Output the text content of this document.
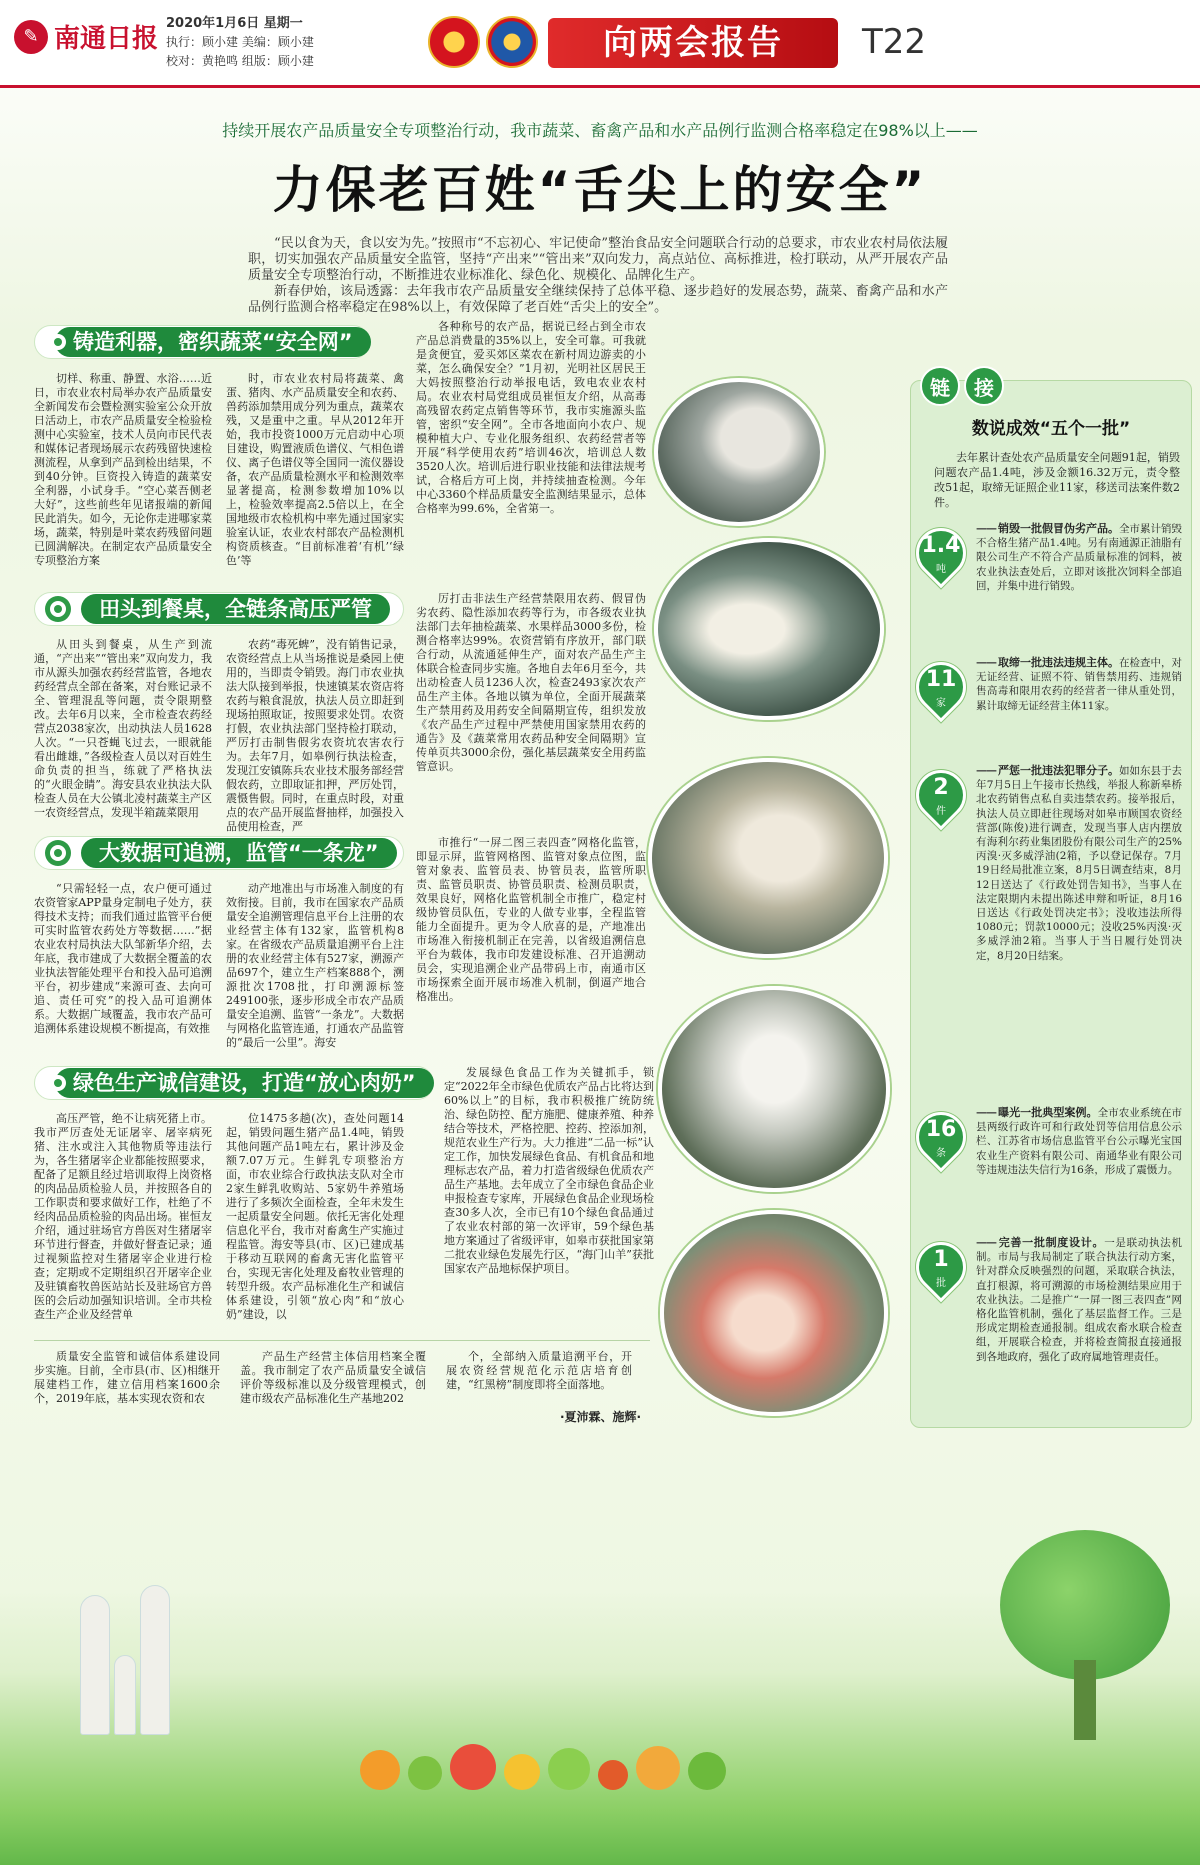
✎ 南通日报
2020年1月6日 星期一
执行：顾小建 美编：顾小建
校对：黄艳鸣 组版：顾小建	向两会报告	T22
持续开展农产品质量安全专项整治行动，我市蔬菜、畜禽产品和水产品例行监测合格率稳定在98%以上——
力保老百姓“舌尖上的安全”

“民以食为天，食以安为先。”按照市“不忘初心、牢记使命”整治食品安全问题联合行动的总要求，市农业农村局依法履职，切实加强农产品质量安全监管，坚持“产出来”“管出来”双向发力，高点站位、高标推进，检打联动，从严开展农产品质量安全专项整治行动，不断推进农业标准化、绿色化、规模化、品牌化生产。

新春伊始，该局透露：去年我市农产品质量安全继续保持了总体平稳、逐步趋好的发展态势，蔬菜、畜禽产品和水产品例行监测合格率稳定在98%以上，有效保障了老百姓“舌尖上的安全”。

铸造利器，密织蔬菜“安全网”

切样、称重、静置、水浴……近日，市农业农村局举办农产品质量安全新闻发布会暨检测实验室公众开放日活动上，市农产品质量安全检验检测中心实验室，技术人员向市民代表和媒体记者现场展示农药残留快速检测流程，从拿到产品到检出结果，不到40分钟。巨资投入铸造的蔬菜安全利器，小试身手。“空心菜吾侧老大好”，这些前些年见诸报端的新闻民此消失。如今，无论你走进哪家菜场，蔬菜，特别是叶菜农药残留问题已圆满解决。在制定农产品质量安全专项整治方案

时，市农业农村局将蔬菜、禽蛋、猪肉、水产品质量安全和农药、兽药添加禁用成分列为重点，蔬菜农残，又是重中之重。早从2012年开始，我市投资1000万元启动中心项目建设，购置液质色谱仪、气相色谱仪、离子色谱仪等全国同一流仪器设备，农产品质量检测水平和检测效率显著提高，检测参数增加10%以上，检验效率提高2.5倍以上，在全国地级市农检机构中率先通过国家实验室认证，农业农村部农产品检测机构资质核查。“目前标准着‘有机’‘绿色’等

各种称号的农产品，据说已经占到全市农产品总消费量的35%以上，安全可靠。可我就是贪便宜，爱买郊区菜农在新村周边游卖的小菜，怎么确保安全？”1月初，光明社区居民王大妈按照整治行动举报电话，致电农业农村局。农业农村局党组成员崔恒友介绍，从高毒高残留农药定点销售等环节，我市实施源头监管，密织“安全网”。全市各地面向小农户、规模种植大户、专业化服务组织、农药经营者等开展“科学使用农药”培训46次，培训总人数3520人次。培训后进行职业技能和法律法规考试，合格后方可上岗，并持续抽查检测。今年中心3360个样品质量安全监测结果显示，总体合格率为99.6%，全省第一。

田头到餐桌，全链条高压严管

从田头到餐桌，从生产到流通，“产出来”“管出来”双向发力，我市从源头加强农药经营监管，各地农药经营点全部在备案，对台账记录不全、管理混乱等问题，责令限期整改。去年6月以来，全市检查农药经营点2038家次，出动执法人员1628人次。“一只苍蝇飞过去，一眼就能看出雌雄，”各级检查人员以对百姓生命负责的担当，练就了严格执法的“火眼金睛”。海安县农业执法大队检查人员在大公镇北凌村蔬菜主产区一农资经营点，发现半箱蔬菜限用

农药“毒死蜱”，没有销售记录，农资经营点上从当场推说是桑园上使用的，当即责令销毁。海门市农业执法大队接到举报，快速镇某农资店将农药与粮食混放，执法人员立即赶到现场拍照取证，按照要求处罚。农资打假，农业执法部门坚持检打联动，严厉打击制售假劣农资坑农害农行为。去年7月，如皋例行执法检查，发现江安镇陈兵农业技术服务部经营假农药，立即取证扣押，严厉处罚，震慑售假。同时，在重点时段，对重点的农产品开展监督抽样，加强投入品使用检查，严

厉打击非法生产经营禁限用农药、假冒伪劣农药、隐性添加农药等行为，市各级农业执法部门去年抽检蔬菜、水果样品3000多份，检测合格率达99%。农资营销有序放开，部门联合行动，从流通延伸生产，面对农产品生产主体联合检查同步实施。各地自去年6月至今，共出动检查人员1236人次，检查2493家次农产品生产主体。各地以镇为单位，全面开展蔬菜生产禁用药及用药安全间隔期宣传，组织发放《农产品生产过程中严禁使用国家禁用农药的通告》及《蔬菜常用农药品种安全间隔期》宣传单页共3000余份，强化基层蔬菜安全用药监管意识。

大数据可追溯，监管“一条龙”

“只需轻轻一点，农户便可通过农资管家APP量身定制电子处方，获得技术支持；而我们通过监管平台便可实时监管农药处方等数据……”据农业农村局执法大队邹新华介绍，去年底，我市建成了大数据全覆盖的农业执法智能处理平台和投入品可追溯平台，初步建成“来源可查、去向可追、责任可究”的投入品可追溯体系。大数据广域覆盖，我市农产品可追溯体系建设规模不断提高，有效推

动产地准出与市场准入制度的有效衔接。目前，我市在国家农产品质量安全追溯管理信息平台上注册的农业经营主体有132家，监管机构8家。在省级农产品质量追溯平台上注册的农业经营主体有527家，溯源产品697个，建立生产档案888个，溯源批次1708批，打印溯源标签249100张，逐步形成全市农产品质量安全追溯、监管“一条龙”。大数据与网格化监管连通，打通农产品监管的“最后一公里”。海安

市推行“一屏二图三表四查”网格化监管，即显示屏，监管网格图、监管对象点位图，监管对象表、监管员表、协管员表，监管所职责、监管员职责、协管员职责、检测员职责，效果良好，网格化监管机制全市推广，稳定村级协管员队伍，专业的人做专业事，全程监管能力全面提升。更为令人欣喜的是，产地准出市场准入衔接机制正在完善，以省级追溯信息平台为载体，我市印发建设标准、召开追溯动员会，实现追溯企业产品带码上市，南通市区市场探索全面开展市场准入机制，倒逼产地合格准出。

绿色生产诚信建设，打造“放心肉奶”

高压严管，绝不让病死猪上市。我市严厉查处无证屠宰、屠宰病死猪、注水或注入其他物质等违法行为，各生猪屠宰企业都能按照要求，配备了足额且经过培训取得上岗资格的肉品品质检验人员，并按照各自的工作职责和要求做好工作，杜绝了不经肉品品质检验的肉品出场。崔恒友介绍，通过驻场官方兽医对生猪屠宰环节进行督查，并做好督查记录；通过视频监控对生猪屠宰企业进行检查；定期或不定期组织召开屠宰企业及驻镇畜牧兽医站站长及驻场官方兽医的会后动加强知识培训。全市共检查生产企业及经营单

位1475多趟(次)，查处问题14起，销毁问题生猪产品1.4吨，销毁其他问题产品1吨左右，累计涉及金额7.07万元。生鲜乳专项整治方面，市农业综合行政执法支队对全市2家生鲜乳收购站、5家奶牛养殖场进行了多频次全面检查，全年未发生一起质量安全问题。依托无害化处理信息化平台，我市对畜禽生产实施过程监管。海安等县(市、区)已建成基于移动互联网的畜禽无害化监管平台，实现无害化处理及畜牧业管理的转型升级。农产品标准化生产和诚信体系建设，引领“放心肉”和“放心奶”建设，以

发展绿色食品工作为关键抓手，锁定“2022年全市绿色优质农产品占比将达到60%以上”的目标，我市积极推广统防统治、绿色防控、配方施肥、健康养殖、种养结合等技术，严格控肥、控药、控添加剂，规范农业生产行为。大力推进“二品一标”认定工作，加快发展绿色食品、有机食品和地理标志农产品，着力打造省级绿色优质农产品生产基地。去年成立了全市绿色食品企业申报检查专家库，开展绿色食品企业现场检查30多人次，全市已有10个绿色食品通过了农业农村部的第一次评审，59个绿色基地方案通过了省级评审，如皋市获批国家第二批农业绿色发展先行区，“海门山羊”获批国家农产品地标保护项目。

质量安全监管和诚信体系建设同步实施。目前，全市县(市、区)相继开展建档工作，建立信用档案1600余个，2019年底，基本实现农资和农

产品生产经营主体信用档案全覆盖。我市制定了农产品质量安全诚信评价等级标准以及分级管理模式，创建市级农产品标准化生产基地202

个，全部纳入质量追溯平台，开展农资经营规范化示范店培育创建，“红黑榜”制度即将全面落地。

·夏沛霖、施辉·
链	接
数说成效“五个一批”

去年累计查处农产品质量安全问题91起，销毁问题农产品1.4吨，涉及金额16.32万元，责令整改51起，取缔无证照企业11家，移送司法案件数2件。

1.4
吨
—— 销毁一批假冒伪劣产品。全市累计销毁不合格生猪产品1.4吨。另有南通源正油脂有限公司生产不符合产品质量标准的饲料，被农业执法查处后，立即对该批次饲料全部追回，并集中进行销毁。
11
家
—— 取缔一批违法违规主体。在检查中，对无证经营、证照不符、销售禁用药、违规销售高毒和限用农药的经营者一律从重处罚，累计取缔无证经营主体11家。
2
件
—— 严惩一批违法犯罪分子。如如东县于去年7月5日上午接市长热线，举报人称新皋桥北农药销售点私自卖违禁农药。接举报后，执法人员立即赶往现场对如皋市顾国农资经营部(陈俊)进行调查，发现当事人店内摆放有海利尔药业集团股份有限公司生产的25%丙溴·灭多威浮油(2箱，予以登记保存。7月19日经局批准立案，8月5日调查结束，8月12日送达了《行政处罚告知书》，当事人在法定限期内未提出陈述申辩和听证，8月16日送达《行政处罚决定书》；没收违法所得1080元；罚款10000元；没收25%丙溴·灭多威浮油2箱。当事人于当日履行处罚决定，8月20日结案。
16
条
—— 曝光一批典型案例。全市农业系统在市县两级行政许可和行政处罚等信用信息公示栏、江苏省市场信息监管平台公示曝光宝国农业生产资料有限公司、南通华业有限公司等违规违法失信行为16条，形成了震慑力。
1
批
—— 完善一批制度设计。一是联动执法机制。市局与我局制定了联合执法行动方案，针对群众反映强烈的问题，采取联合执法，直打根源，将可溯源的市场检测结果应用于农业执法。二是推广“一屏一图三表四查”网格化监管机制，强化了基层监督工作。三是形成定期检查通报制。组成农畜水联合检查组，开展联合检查，并将检查简报直接通报到各地政府，强化了政府属地管理责任。
